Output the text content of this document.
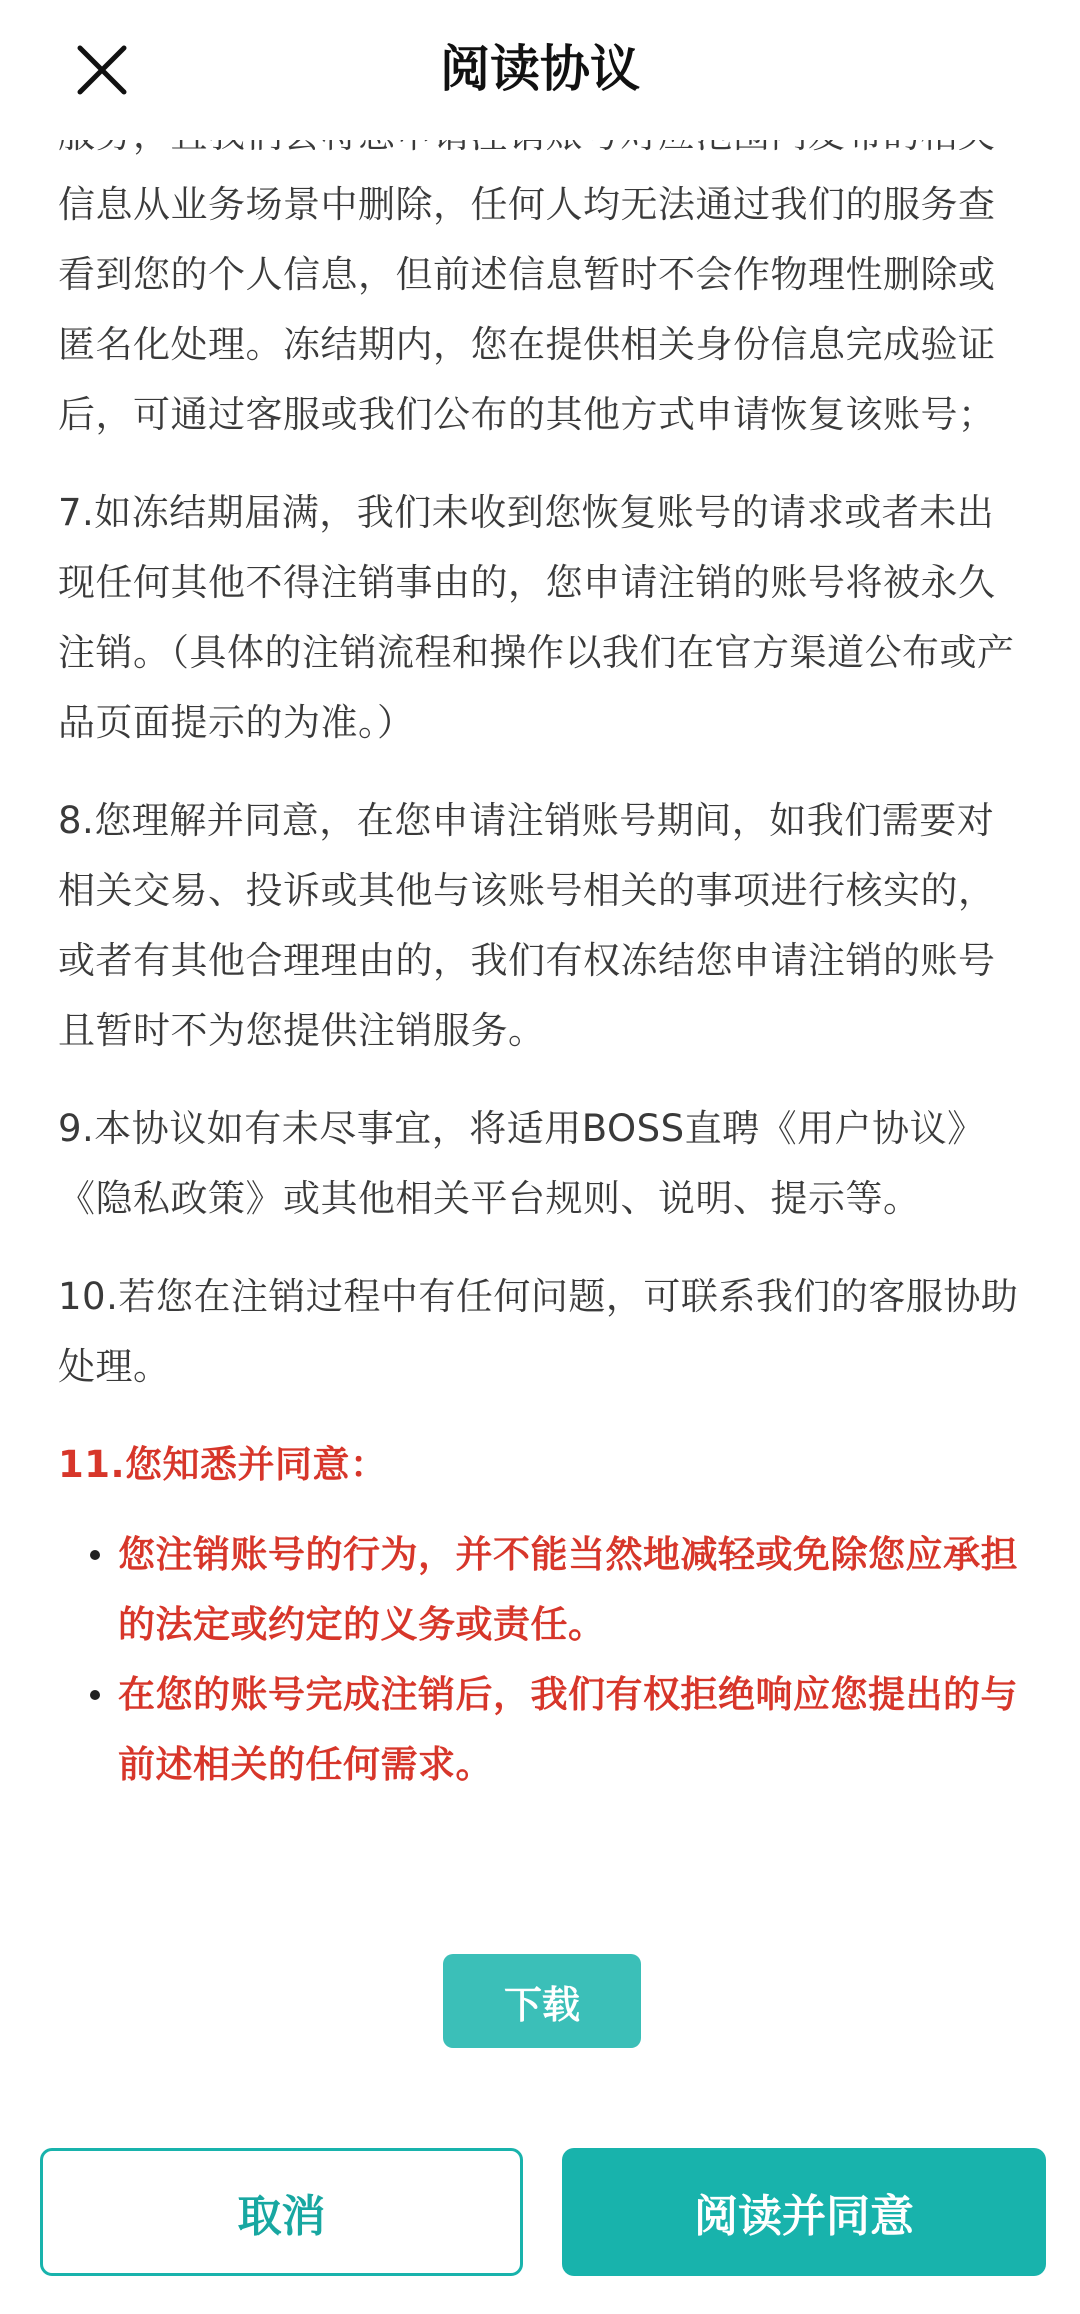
阅读协议

信息从业务场景中删除，任何人均无法通过我们的服务查看到您的个人信息，但前述信息暂时不会作物理性删除或匿名化处理。冻结期内，您在提供相关身份信息完成验证后，可通过客服或我们公布的其他方式申请恢复该账号；

7.如冻结期届满，我们未收到您恢复账号的请求或者未出现任何其他不得注销事由的，您申请注销的账号将被永久注销。（具体的注销流程和操作以我们在官方渠道公布或产品页面提示的为准。）

8.您理解并同意，在您申请注销账号期间，如我们需要对相关交易、投诉或其他与该账号相关的事项进行核实的，或者有其他合理理由的，我们有权冻结您申请注销的账号且暂时不为您提供注销服务。

9.本协议如有未尽事宜，将适用BOSS直聘《用户协议》《隐私政策》或其他相关平台规则、说明、提示等。

10.若您在注销过程中有任何问题，可联系我们的客服协助处理。

11.您知悉并同意：

您注销账号的行为，并不能当然地减轻或免除您应承担的法定或约定的义务或责任。
在您的账号完成注销后，我们有权拒绝响应您提出的与前述相关的任何需求。
下载
取消	阅读并同意
